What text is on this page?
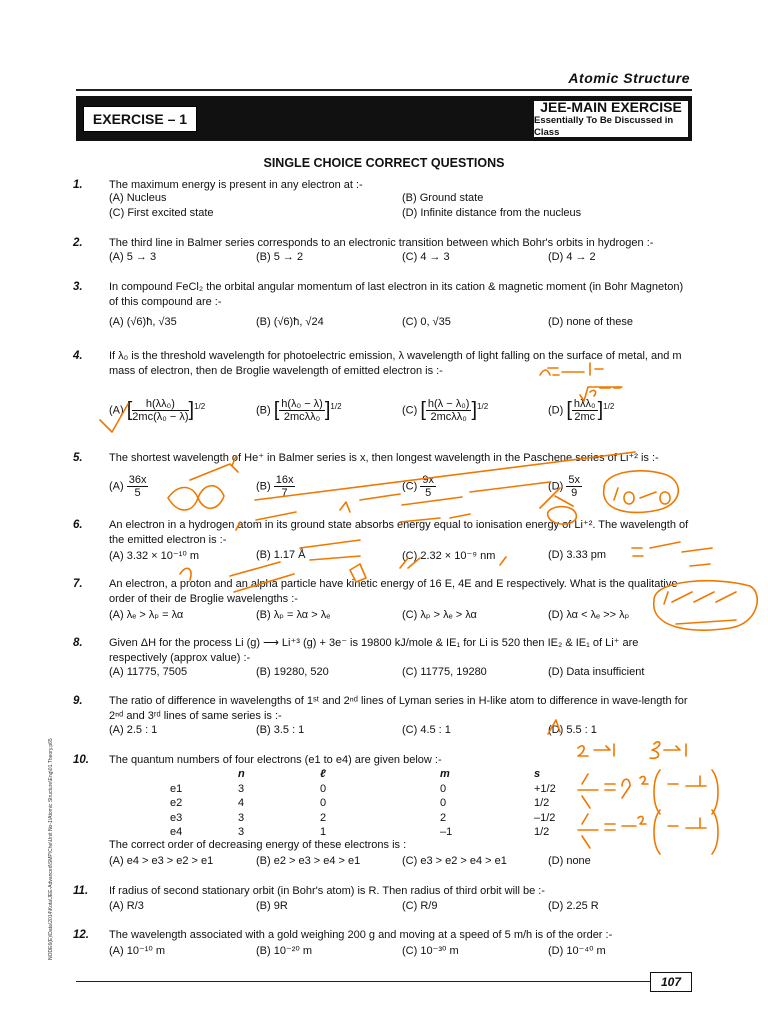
Atomic Structure
EXERCISE – 1
JEE-MAIN EXERCISE
Essentially To Be Discussed in Class
SINGLE CHOICE CORRECT QUESTIONS
1. The maximum energy is present in any electron at :-
(A) Nucleus	(B) Ground state
(C) First excited state	(D) Infinite distance from the nucleus
2. The third line in Balmer series corresponds to an electronic transition between which Bohr's orbits in hydrogen :-
(A) 5 → 3	(B) 5 → 2	(C) 4 → 3	(D) 4 → 2
3. In compound FeCl₂ the orbital angular momentum of last electron in its cation & magnetic moment (in Bohr Magneton) of this compound are :-
(A) (√6)ħ, √35	(B) (√6)ħ, √24	(C) 0, √35	(D) none of these
4. If λ₀ is the threshold wavelength for photoelectric emission, λ wavelength of light falling on the surface of metal, and m mass of electron, then de Broglie wavelength of emitted electron is :-
(A) [ $\frac{\text{h(λλ₀)}}{\text{2mc(λ₀ − λ)}} ]^{1/2}$	(B) [ $\frac{\text{h(λ₀ − λ)}}{\text{2mcλλ₀}} ]^{1/2}$	(C) [ $\frac{\text{h(λ − λ₀)}}{\text{2mcλλ₀}} ]^{1/2}$	(D) [ $\frac{\text{hλλ₀}}{2mc} ]^{1/2}$
5. The shortest wavelength of He⁺ in Balmer series is x, then longest wavelength in the Paschene series of Li⁺² is :-
$(A) \frac{36x}{5}$	$(B) \frac{16x}{7}$	$(C) \frac{9x}{5}$	$(D) \frac{5x}{9}$
6. An electron in a hydrogen atom in its ground state absorbs energy equal to ionisation energy of Li⁺². The wavelength of the emitted electron is :-
(A) 3.32 × 10⁻¹⁰ m	(B) 1.17 Å	(C) 2.32 × 10⁻⁹ nm	(D) 3.33 pm
7. An electron, a proton and an alpha particle have kinetic energy of 16 E, 4E and E respectively. What is the qualitative order of their de Broglie wavelengths :-
(A) λₑ > λₚ = λα	(B) λₚ = λα > λₑ	(C) λₚ > λₑ > λα	(D) λα < λₑ >> λₚ
8. Given ΔH for the process Li (g) ⟶ Li⁺³ (g) + 3e⁻ is 19800 kJ/mole & IE₁ for Li is 520 then IE₂ & IE₁ of Li⁺ are respectively (approx value) :-
(A) 11775, 7505	(B) 19280, 520	(C) 11775, 19280	(D) Data insufficient
9. The ratio of difference in wavelengths of 1ˢᵗ and 2ⁿᵈ lines of Lyman series in H-like atom to difference in wave-length for 2ⁿᵈ and 3ʳᵈ lines of same series is :-
(A) 2.5 : 1	(B) 3.5 : 1	(C) 4.5 : 1	(D) 5.5 : 1
10. The quantum numbers of four electrons (e1 to e4) are given below :-
	n	ℓ	m	s
e1	3	0	0	+1/2
e2	4	0	0	1/2
e3	3	2	2	–1/2
e4	3	1	–1	1/2
The correct order of decreasing energy of these electrons is :
(A) e4 > e3 > e2 > e1	(B) e2 > e3 > e4 > e1	(C) e3 > e2 > e4 > e1	(D) none
11. If radius of second stationary orbit (in Bohr's atom) is R. Then radius of third orbit will be :-
(A) R/3	(B) 9R	(C) R/9	(D) 2.25 R
12. The wavelength associated with a gold weighing 200 g and moving at a speed of 5 m/h is of the order :-
(A) 10⁻¹⁰ m	(B) 10⁻²⁰ m	(C) 10⁻³⁰ m	(D) 10⁻⁴⁰ m
107
NODE6(E)\Data\2014\Kota\JEE-Advanced\SMP\Che\Unit No-1\Atomic Structure\Eng\01.Theory.p65
